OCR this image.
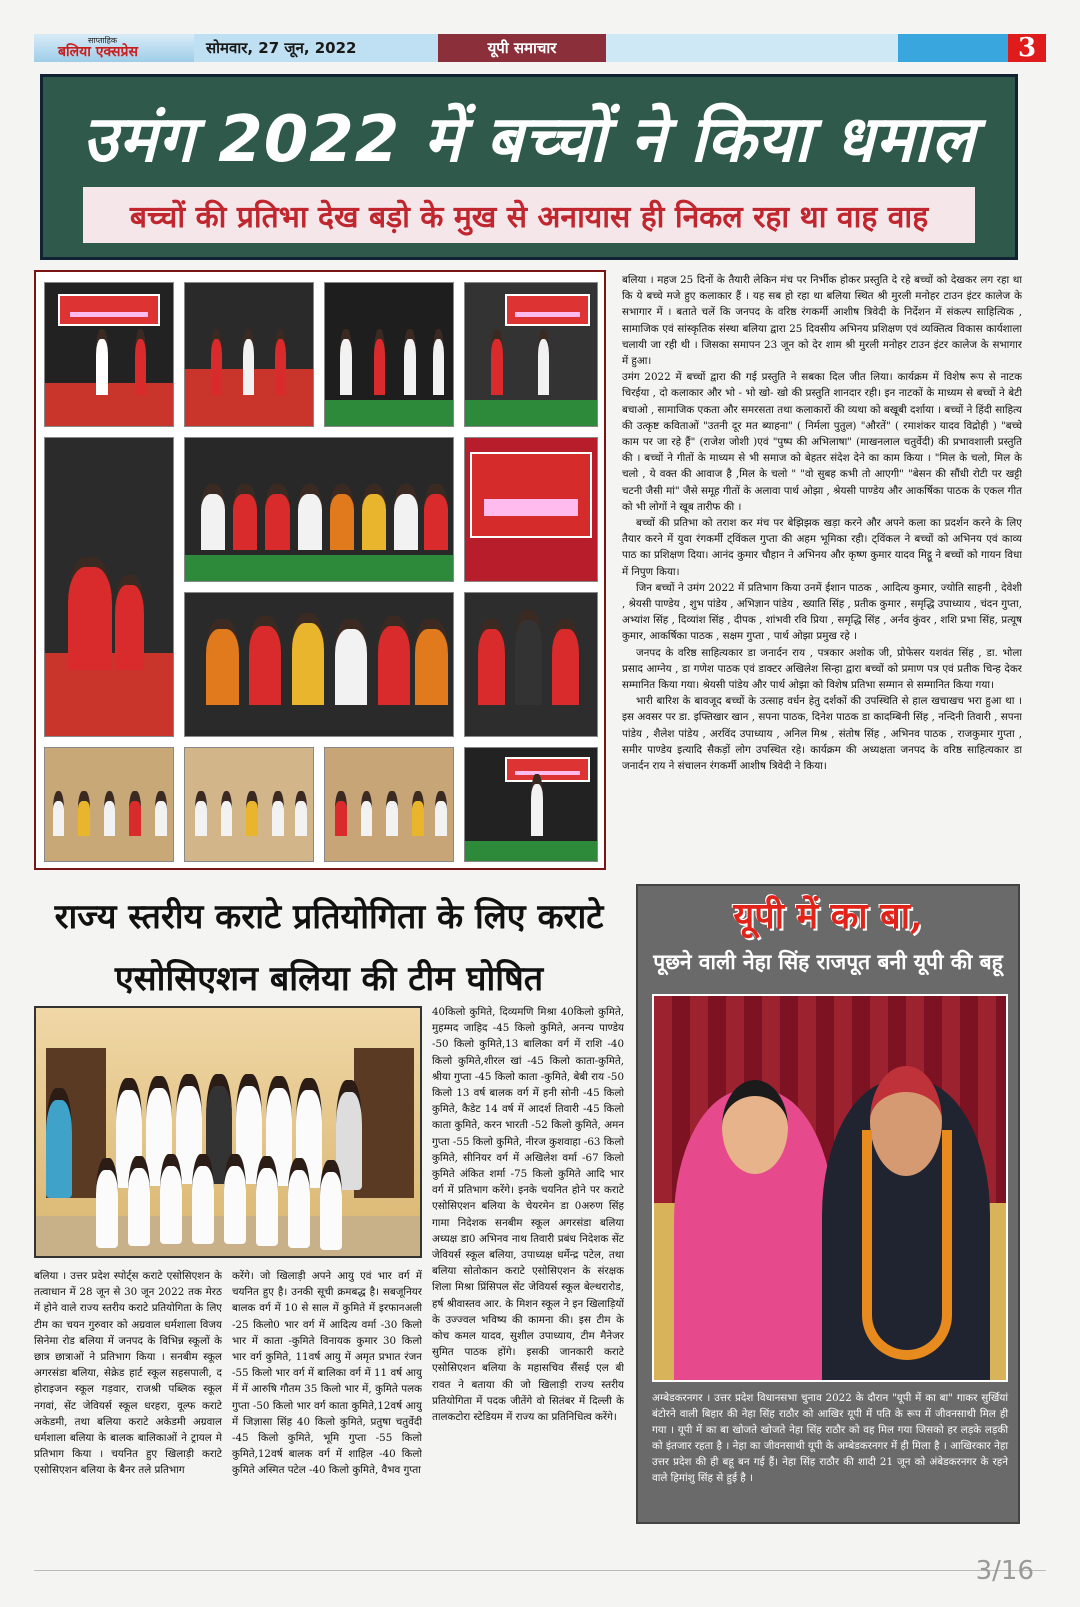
साप्ताहिक
बलिया एक्सप्रेस	सोमवार, 27 जून, 2022	यूपी समाचार	3
उमंग 2022 में बच्चों ने किया धमाल
बच्चों की प्रतिभा देख बड़ो के मुख से अनायास ही निकल रहा था वाह वाह

बलिया । महज 25 दिनों के तैयारी लेकिन मंच पर निर्भीक होकर प्रस्तुति दे रहे बच्चों को देखकर लग रहा था कि ये बच्चे मजे हुए कलाकार हैं । यह सब हो रहा था बलिया स्थित श्री मुरली मनोहर टाउन इंटर कालेज के सभागार में । बताते चलें कि जनपद के वरिष्ठ रंगकर्मी आशीष त्रिवेदी के निर्देशन में संकल्प साहित्यिक , सामाजिक एवं सांस्कृतिक संस्था बलिया द्वारा 25 दिवसीय अभिनय प्रशिक्षण एवं व्यक्तित्व विकास कार्यशाला चलायी जा रही थी । जिसका समापन 23 जून को देर शाम श्री मुरली मनोहर टाउन इंटर कालेज के सभागार में हुआ।

उमंग 2022 में बच्चों द्वारा की गई प्रस्तुति ने सबका दिल जीत लिया। कार्यक्रम में विशेष रूप से नाटक चिरईया , दो कलाकार और भो - भो खो- खो की प्रस्तुति शानदार रही। इन नाटकों के माध्यम से बच्चों ने बेटी बचाओ , सामाजिक एकता और समरसता तथा कलाकारों की व्यथा को बखूबी दर्शाया । बच्चों ने हिंदी साहित्य की उत्कृष्ट कविताओं "उतनी दूर मत ब्याहना" ( निर्मला पुतुल) "औरतें" ( रमाशंकर यादव विद्रोही ) "बच्चे काम पर जा रहे हैं" (राजेश जोशी )एवं "पुष्प की अभिलाषा" (माखनलाल चतुर्वेदी) की प्रभावशाली प्रस्तुति की । बच्चों ने गीतों के माध्यम से भी समाज को बेहतर संदेश देने का काम किया । "मिल के चलो, मिल के चलो , ये वक्त की आवाज है ,मिल के चलो " "वो सुबह कभी तो आएगी" "बेसन की सौंधी रोटी पर खट्टी चटनी जैसी मां" जैसे समूह गीतों के अलावा पार्थ ओझा , श्रेयसी पाण्डेय और आकर्षिका पाठक के एकल गीत को भी लोगों ने खूब तारीफ की ।

बच्चों की प्रतिभा को तराश कर मंच पर बेझिझक खड़ा करने और अपने कला का प्रदर्शन करने के लिए तैयार करने में युवा रंगकर्मी ट्विंकल गुप्ता की अहम भूमिका रही। ट्विंकल ने बच्चों को अभिनय एवं काव्य पाठ का प्रशिक्षण दिया। आनंद कुमार चौहान ने अभिनय और कृष्ण कुमार यादव मिट्ठू ने बच्चों को गायन विधा में निपुण किया।

जिन बच्चों ने उमंग 2022 में प्रतिभाग किया उनमें ईशान पाठक , आदित्य कुमार, ज्योति साहनी , देवेशी , श्रेयसी पाण्डेय , शुभ पांडेय , अभिज्ञान पांडेय , ख्याति सिंह , प्रतीक कुमार , समृद्धि उपाध्याय , चंदन गुप्ता, अभ्यांश सिंह , दिव्यांश सिंह , दीपक , शांभवी रवि प्रिया , समृद्धि सिंह , अर्नव कुंवर , शशि प्रभा सिंह, प्रत्यूष कुमार, आकर्षिका पाठक , सक्षम गुप्ता , पार्थ ओझा प्रमुख रहे ।

जनपद के वरिष्ठ साहित्यकार डा जनार्दन राय , पत्रकार अशोक जी, प्रोफेसर यशवंत सिंह , डा. भोला प्रसाद आग्नेय , डा गणेश पाठक एवं डाक्टर अखिलेश सिन्हा द्वारा बच्चों को प्रमाण पत्र एवं प्रतीक चिन्ह देकर सम्मानित किया गया। श्रेयसी पांडेय और पार्थ ओझा को विशेष प्रतिभा सम्मान से सम्मानित किया गया।

भारी बारिश के बावजूद बच्चों के उत्साह वर्धन हेतु दर्शकों की उपस्थिति से हाल खचाखच भरा हुआ था । इस अवसर पर डा. इफ्तिखार खान , सपना पाठक, दिनेश पाठक डा कादम्बिनी सिंह , नन्दिनी तिवारी , सपना पांडेय , शैलेश पांडेय , अरविंद उपाध्याय , अनिल मिश्र , संतोष सिंह , अभिनव पाठक , राजकुमार गुप्ता , समीर पाण्डेय इत्यादि सैकड़ों लोग उपस्थित रहे। कार्यक्रम की अध्यक्षता जनपद के वरिष्ठ साहित्यकार डा जनार्दन राय ने संचालन रंगकर्मी आशीष त्रिवेदी ने किया।

राज्य स्तरीय कराटे प्रतियोगिता के लिए कराटे एसोसिएशन बलिया की टीम घोषित
बलिया । उत्तर प्रदेश स्पोर्ट्स कराटे एसोसिएशन के तत्वाधान में 28 जून से 30 जून 2022 तक मेरठ में होने वाले राज्य स्तरीय कराटे प्रतियोगिता के लिए टीम का चयन गुरुवार को अग्रवाल धर्मशाला विजय सिनेमा रोड बलिया में जनपद के विभिन्न स्कूलों के छात्र छात्राओं ने प्रतिभाग किया । सनबीम स्कूल अगरसंडा बलिया, सेक्रेड हार्ट स्कूल सहसपाली, द होराइजन स्कूल गड़वार, राजश्री पब्लिक स्कूल नगवां, सेंट जेवियर्स स्कूल धरहरा, वूल्फ कराटे अकेडमी, तथा बलिया कराटे अकेडमी अग्रवाल धर्मशाला बलिया के बालक बालिकाओं ने ट्रायल मे प्रतिभाग किया । चयनित हुए खिलाड़ी कराटे एसोसिएशन बलिया के बैनर तले प्रतिभाग
करेंगे। जो खिलाड़ी अपने आयु एवं भार वर्ग में चयनित हुए है। उनकी सूची क्रमबद्ध है। सबजूनियर बालक वर्ग में 10 से साल में कुमिते में इरफानअली -25 किलो0 भार वर्ग में आदित्य वर्मा -30 किलो भार में काता -कुमिते विनायक कुमार 30 किलो भार वर्ग कुमिते, 11वर्ष आयु में अमृत प्रभात रंजन -55 किलो भार वर्ग में बालिका वर्ग में 11 वर्ष आयु में में आरुषि गौतम 35 किलो भार में, कुमिते पलक गुप्ता -50 किलो भार वर्ग काता कुमिते,12वर्ष आयु में जिज्ञासा सिंह 40 किलो कुमिते, प्रतुषा चतुर्वेदी -45 किलो कुमिते, भूमि गुप्ता -55 किलो कुमिते,12वर्ष बालक वर्ग में शाहिल -40 किलो कुमिते अस्मित पटेल -40 किलो कुमिते, वैभव गुप्ता
40किलो कुमिते, दिव्यमणि मिश्रा 40किलो कुमिते, मुहम्मद जाहिद -45 किलो कुमिते, अनन्य पाण्डेय -50 किलो कुमिते,13 बालिका वर्ग में राशि -40 किलो कुमिते,शीरल खां -45 किलो काता-कुमिते, श्रीया गुप्ता -45 किलो काता -कुमिते, बेबी राय -50 किलो 13 वर्ष बालक वर्ग में हनी सोनी -45 किलो कुमिते, कैडेट 14 वर्ष में आदर्श तिवारी -45 किलो काता कुमिते, करन भारती -52 किलो कुमिते, अमन गुप्ता -55 किलो कुमिते, नीरज कुशवाहा -63 किलो कुमिते, सीनियर वर्ग में अखिलेश वर्मा -67 किलो कुमिते अंकित शर्मा -75 किलो कुमिते आदि भार वर्ग में प्रतिभाग करेंगे। इनके चयनित होने पर कराटे एसोसिएशन बलिया के चेयरमेन डा 0अरुण सिंह गामा निदेशक सनबीम स्कूल अगरसंडा बलिया अध्यक्ष डा0 अभिनव नाथ तिवारी प्रबंध निदेशक सेंट जेवियर्स स्कूल बलिया, उपाध्यक्ष धर्मेन्द्र पटेल, तथा बलिया सोतोकान कराटे एसोसिएशन के संरक्षक शिला मिश्रा प्रिंसिपल सेंट जेवियर्स स्कूल बेल्थरारोड, हर्ष श्रीवास्तव आर. के मिशन स्कूल ने इन खिलाड़ियों के उज्ज्वल भविष्य की कामना की। इस टीम के कोच कमल यादव, सुशील उपाध्याय, टीम मैनेजर सुमित पाठक होंगे। इसकी जानकारी कराटे एसोसिएशन बलिया के महासचिव सैंसई एल बी रावत ने बताया की जो खिलाड़ी राज्य स्तरीय प्रतियोगिता में पदक जीतेंगे वो सितंबर में दिल्ली के तालकटोरा स्टेडियम में राज्य का प्रतिनिधित्व करेंगे।
यूपी में का बा,
पूछने वाली नेहा सिंह राजपूत बनी यूपी की बहू
अम्बेडकरनगर । उत्तर प्रदेश विधानसभा चुनाव 2022 के दौरान "यूपी में का बा" गाकर सुर्खियां बंटोरने वाली बिहार की नेहा सिंह राठौर को आखिर यूपी में पति के रूप में जीवनसाथी मिल ही गया । यूपी में का बा खोजते खोजते नेहा सिंह राठौर को वह मिल गया जिसको हर लड़के लड़की को इंतजार रहता है । नेहा का जीवनसाथी यूपी के अम्बेडकरनगर में ही मिला है । आखिरकार नेहा उत्तर प्रदेश की ही बहू बन गई हैं। नेहा सिंह राठौर की शादी 21 जून को अंबेडकरनगर के रहने वाले हिमांशु सिंह से हुई है ।
3/16
